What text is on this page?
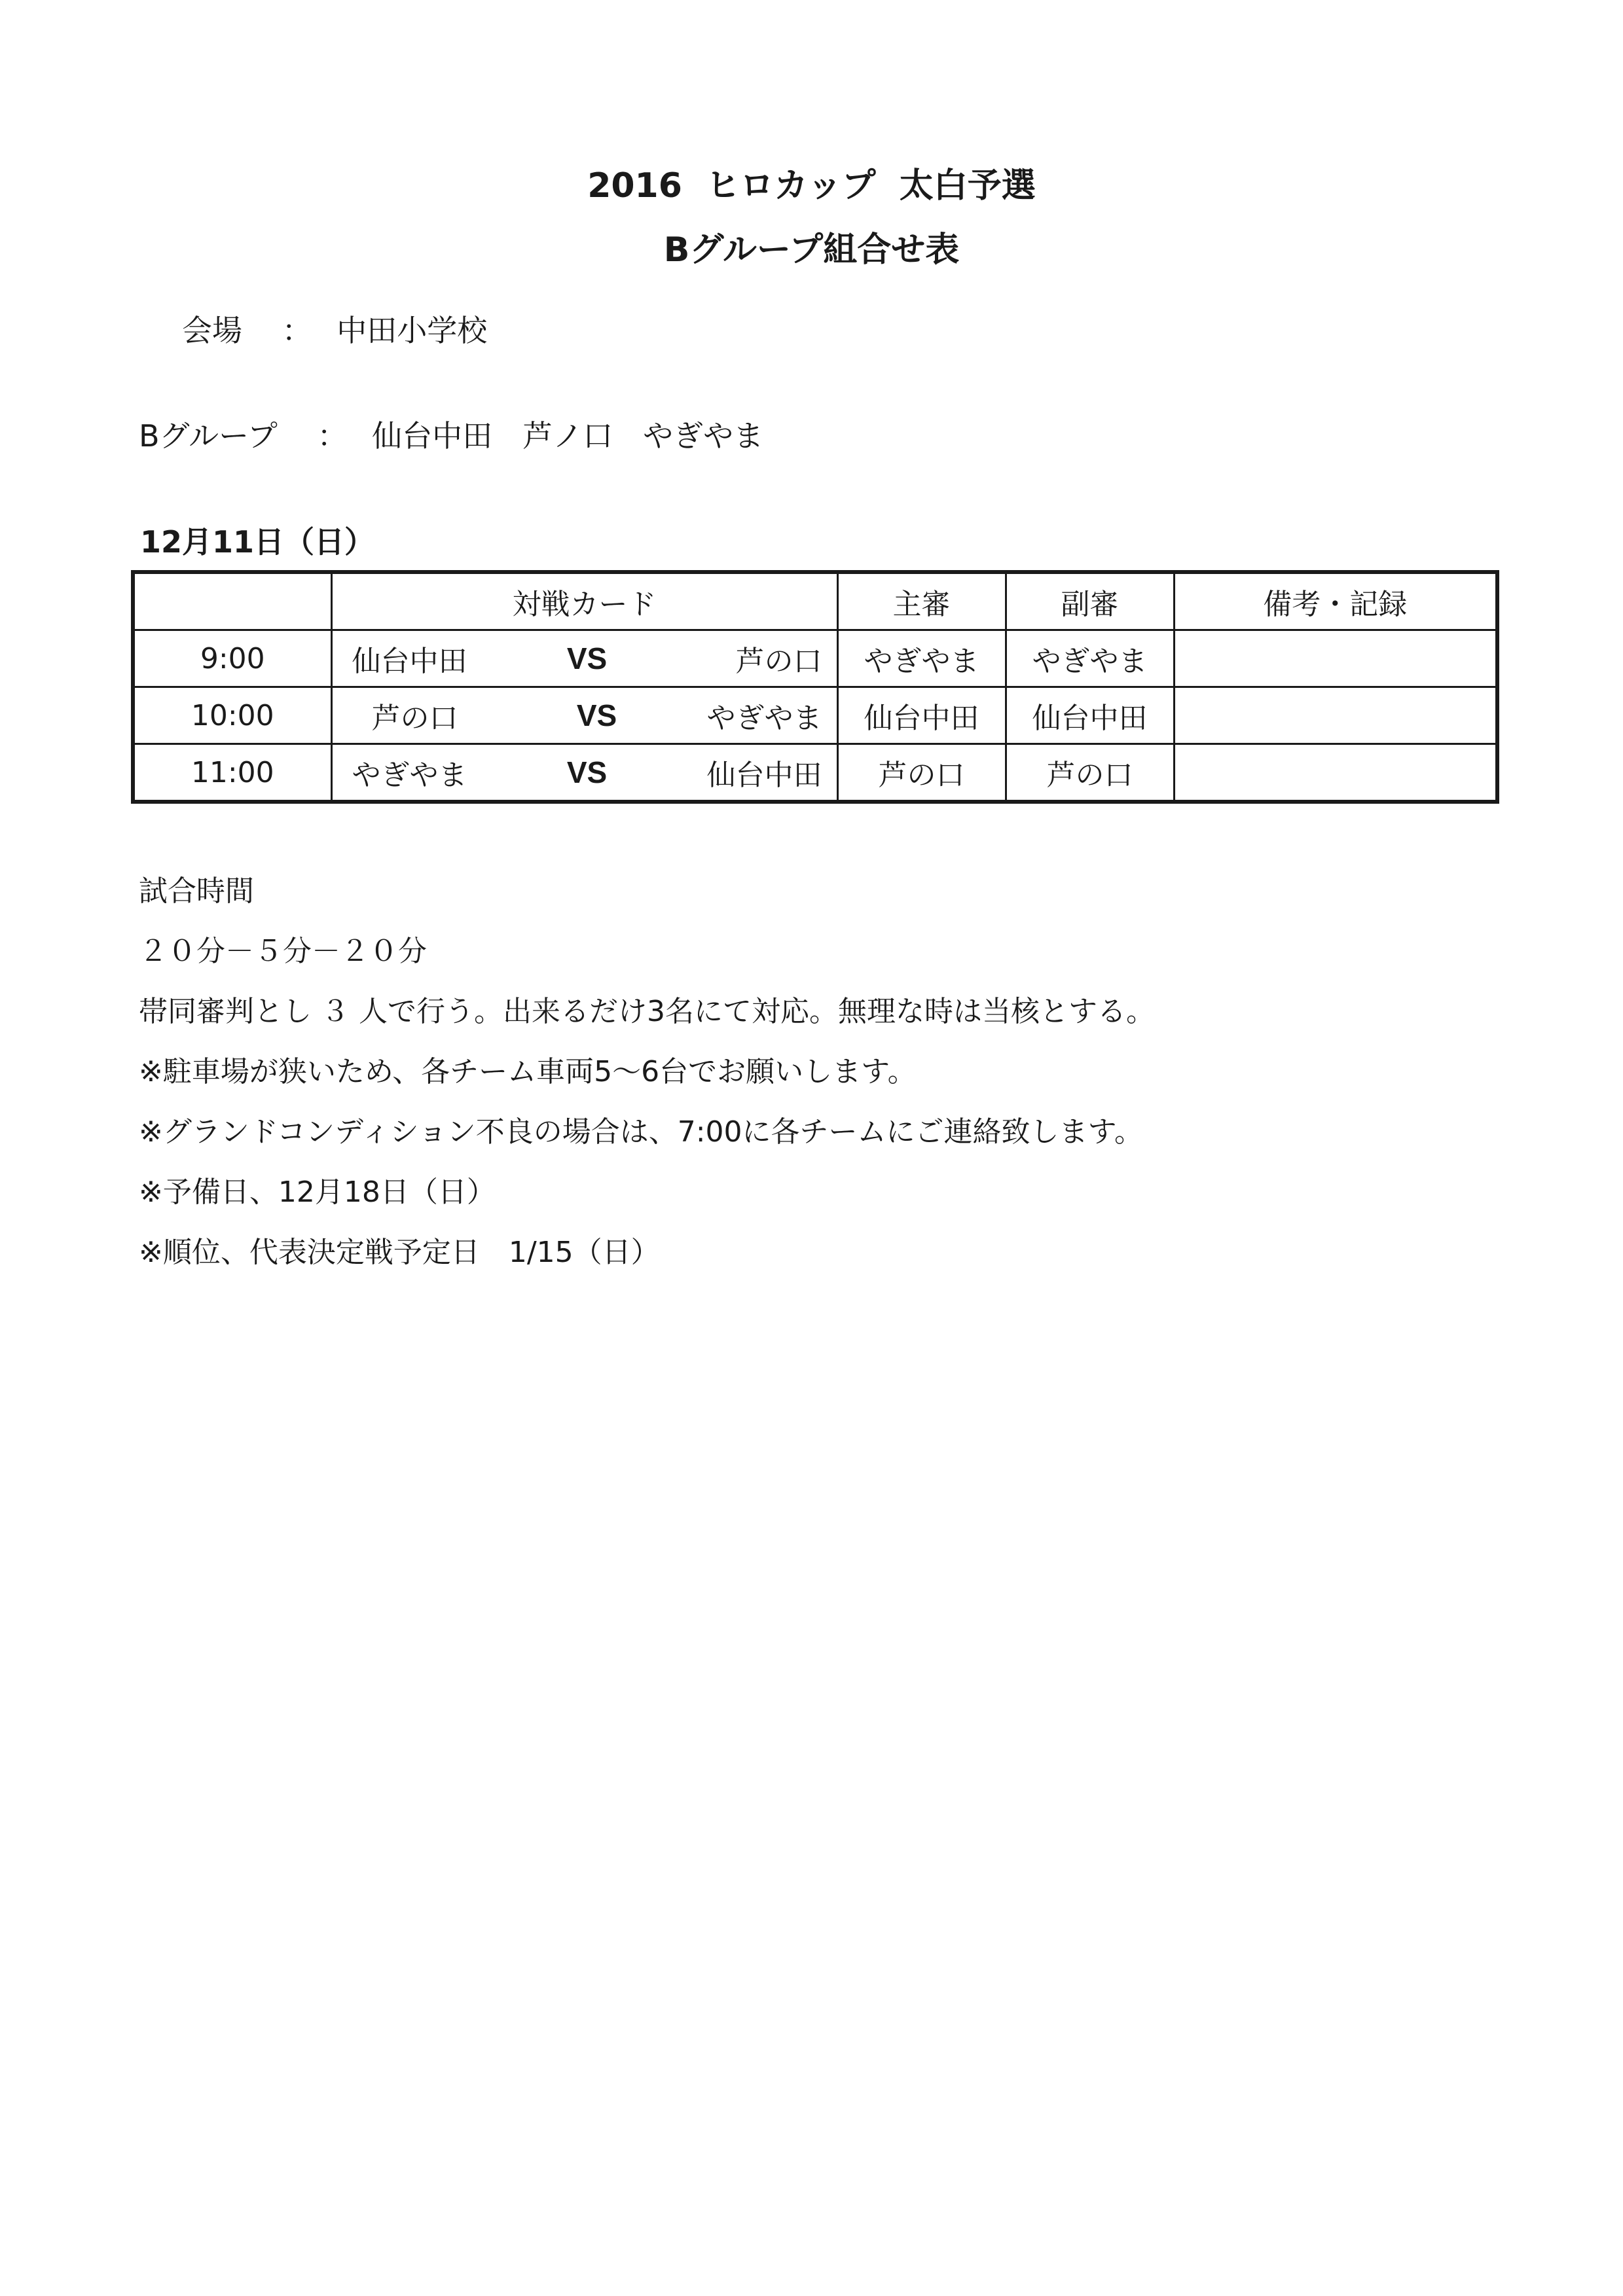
2016  ヒロカップ  太白予選
Bグループ組合せ表
会場　 ：　 中田小学校
Bグループ　 ：　 仙台中田　 芦ノ口　 やぎやま
12月11日（日）
	対戦カード	主審	副審	備考・記録
9:00	仙台中田 VS 芦の口	やぎやま	やぎやま	
10:00	芦の口 VS やぎやま	仙台中田	仙台中田	
11:00	やぎやま VS 仙台中田	芦の口	芦の口	
試合時間
２０分－５分－２０分
帯同審判とし ３ 人で行う。出来るだけ3名にて対応。無理な時は当核とする。
※駐車場が狭いため、各チーム車両5～6台でお願いします。
※グランドコンディション不良の場合は、7:00に各チームにご連絡致します。
※予備日、12月18日（日）
※順位、代表決定戦予定日　1/15（日）
